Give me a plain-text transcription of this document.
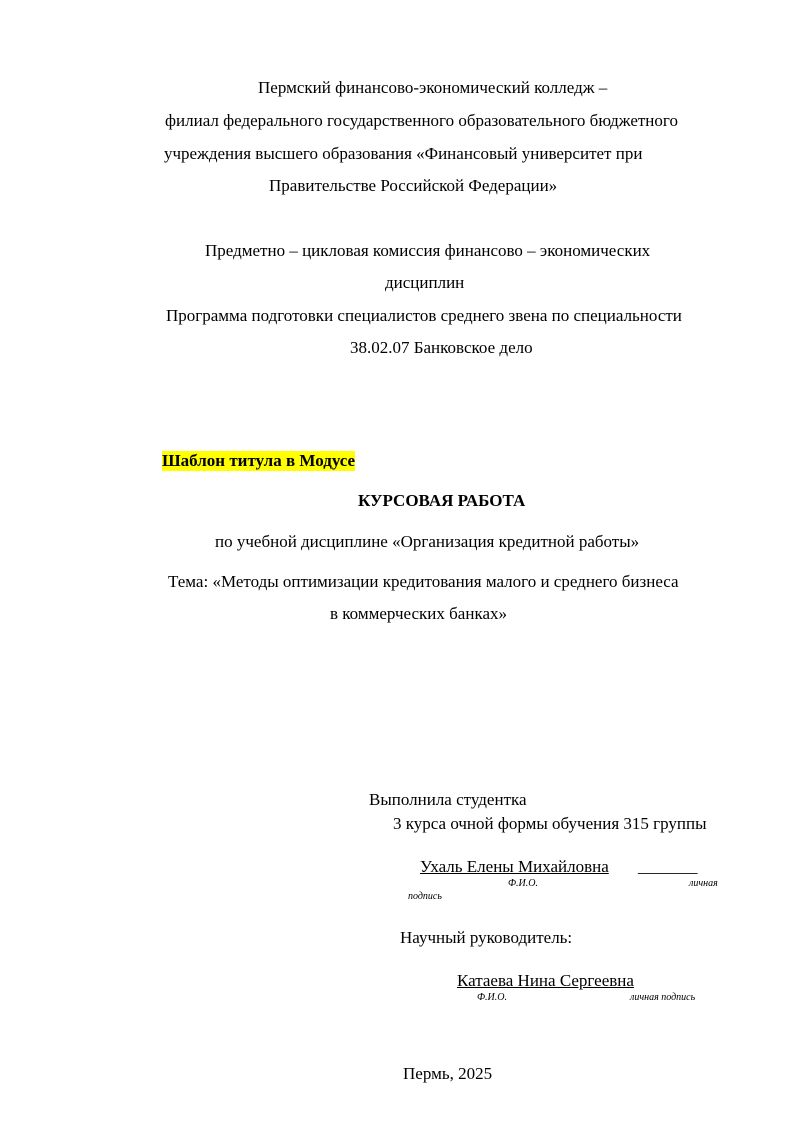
Пермский финансово-экономический колледж –
филиал федерального государственного образовательного бюджетного
учреждения высшего образования «Финансовый университет при
Правительстве Российской Федерации»
Предметно – цикловая комиссия финансово – экономических
дисциплин
Программа подготовки специалистов среднего звена по специальности
38.02.07 Банковское дело
Шаблон титула в Модусе
КУРСОВАЯ РАБОТА
по учебной дисциплине «Организация кредитной работы»
Тема: «Методы оптимизации кредитования малого и среднего бизнеса
в коммерческих банках»
Выполнила студентка
3 курса очной формы обучения 315 группы
Ухаль Елены Михайловна _______
Ф.И.О.	личная
подпись
Научный руководитель:
Катаева Нина Сергеевна
Ф.И.О.	личная подпись
Пермь, 2025
